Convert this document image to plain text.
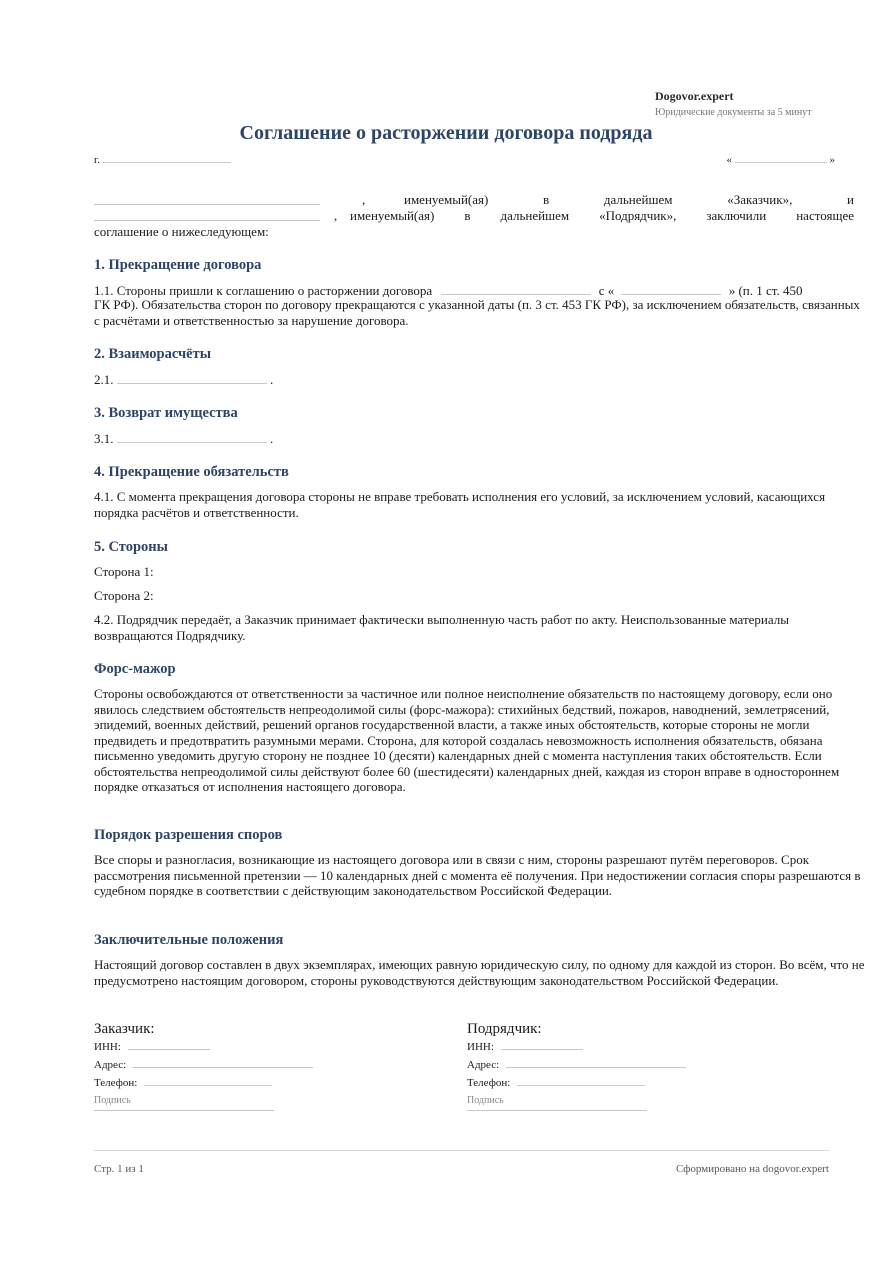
Dogovor.expert
Юридические документы за 5 минут
Соглашение о расторжении договора подряда
г.	«	»
,	именуемый(ая) в дальнейшем «Заказчик», и
, именуемый(ая) в дальнейшем «Подрядчик», заключили настоящее
соглашение о нижеследующем:
1. Прекращение договора
1.1. Стороны пришли к соглашению о расторжении договора	с «	» (п. 1 ст. 450
ГК РФ). Обязательства сторон по договору прекращаются с указанной даты (п. 3 ст. 453 ГК РФ), за исключением обязательств, связанных с расчётами и ответственностью за нарушение договора.
2. Взаиморасчёты
2.1.	.
3. Возврат имущества
3.1.	.
4. Прекращение обязательств
4.1. С момента прекращения договора стороны не вправе требовать исполнения его условий, за исключением условий, касающихся порядка расчётов и ответственности.
5. Стороны
Сторона 1:
Сторона 2:
4.2. Подрядчик передаёт, а Заказчик принимает фактически выполненную часть работ по акту. Неиспользованные материалы возвращаются Подрядчику.
Форс-мажор
Стороны освобождаются от ответственности за частичное или полное неисполнение обязательств по настоящему договору, если оно явилось следствием обстоятельств непреодолимой силы (форс-мажора): стихийных бедствий, пожаров, наводнений, землетрясений, эпидемий, военных действий, решений органов государственной власти, а также иных обстоятельств, которые стороны не могли предвидеть и предотвратить разумными мерами. Сторона, для которой создалась невозможность исполнения обязательств, обязана письменно уведомить другую сторону не позднее 10 (десяти) календарных дней с момента наступления таких обстоятельств. Если обстоятельства непреодолимой силы действуют более 60 (шестидесяти) календарных дней, каждая из сторон вправе в одностороннем порядке отказаться от исполнения настоящего договора.
Порядок разрешения споров
Все споры и разногласия, возникающие из настоящего договора или в связи с ним, стороны разрешают путём переговоров. Срок рассмотрения письменной претензии — 10 календарных дней с момента её получения. При недостижении согласия споры разрешаются в судебном порядке в соответствии с действующим законодательством Российской Федерации.
Заключительные положения
Настоящий договор составлен в двух экземплярах, имеющих равную юридическую силу, по одному для каждой из сторон. Во всём, что не предусмотрено настоящим договором, стороны руководствуются действующим законодательством Российской Федерации.
Заказчик:
ИНН:
Адрес:
Телефон:
Подпись
Подрядчик:
ИНН:
Адрес:
Телефон:
Подпись
Стр. 1 из 1	Сформировано на dogovor.expert
